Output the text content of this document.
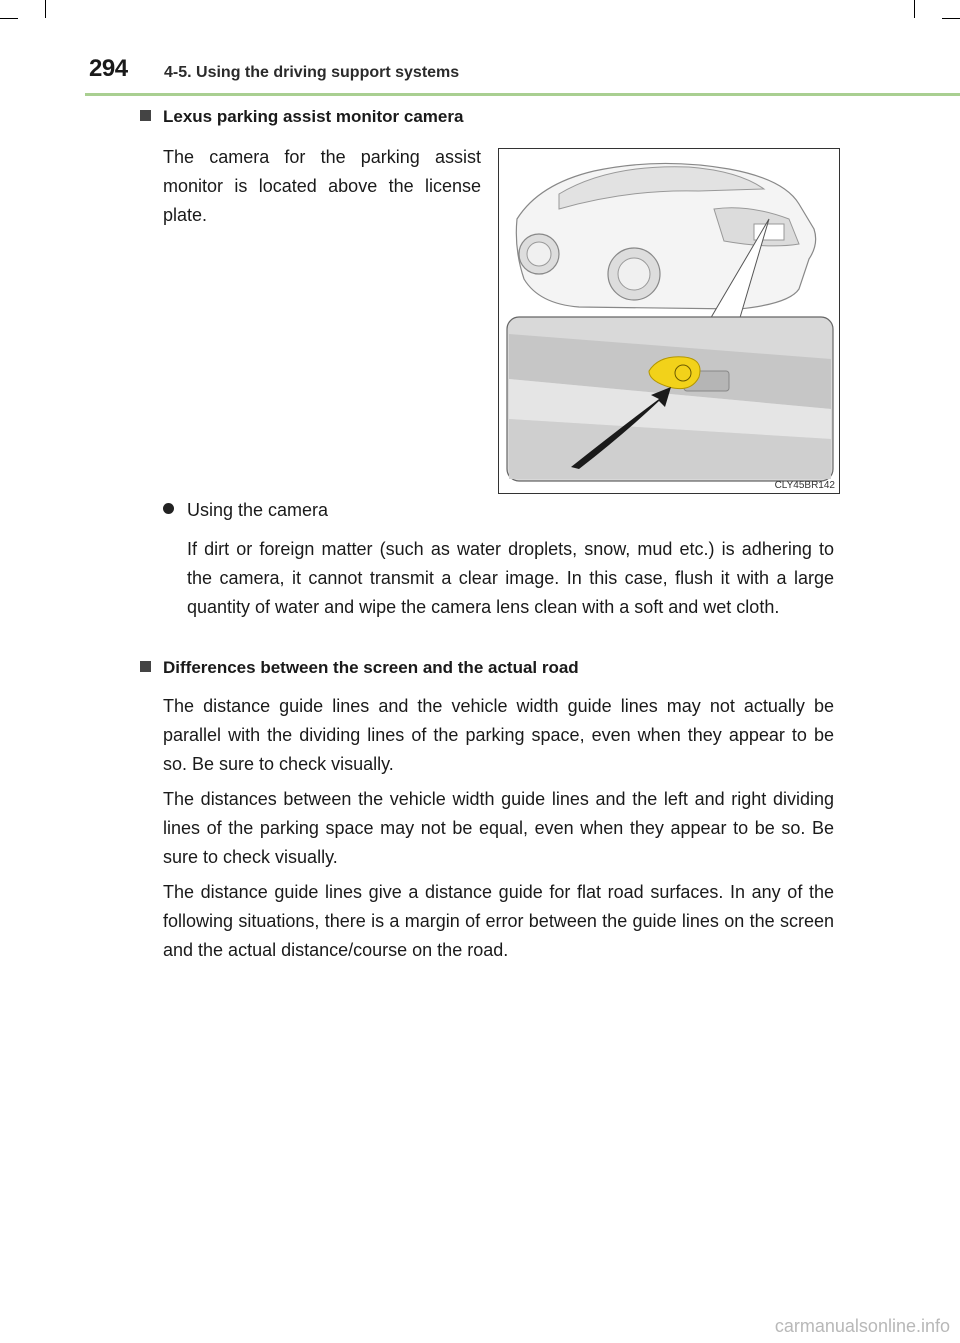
294 4-5. Using the driving support systems
Lexus parking assist monitor camera

The camera for the parking assist monitor is located above the license plate.

CLY45BR142
Using the camera

If dirt or foreign matter (such as water droplets, snow, mud etc.) is adhering to the camera, it cannot transmit a clear image. In this case, flush it with a large quantity of water and wipe the camera lens clean with a soft and wet cloth.

Differences between the screen and the actual road

The distance guide lines and the vehicle width guide lines may not actually be parallel with the dividing lines of the parking space, even when they appear to be so. Be sure to check visually.

The distances between the vehicle width guide lines and the left and right dividing lines of the parking space may not be equal, even when they appear to be so. Be sure to check visually.

The distance guide lines give a distance guide for flat road surfaces. In any of the following situations, there is a margin of error between the guide lines on the screen and the actual distance/course on the road.

carmanualsonline.info
